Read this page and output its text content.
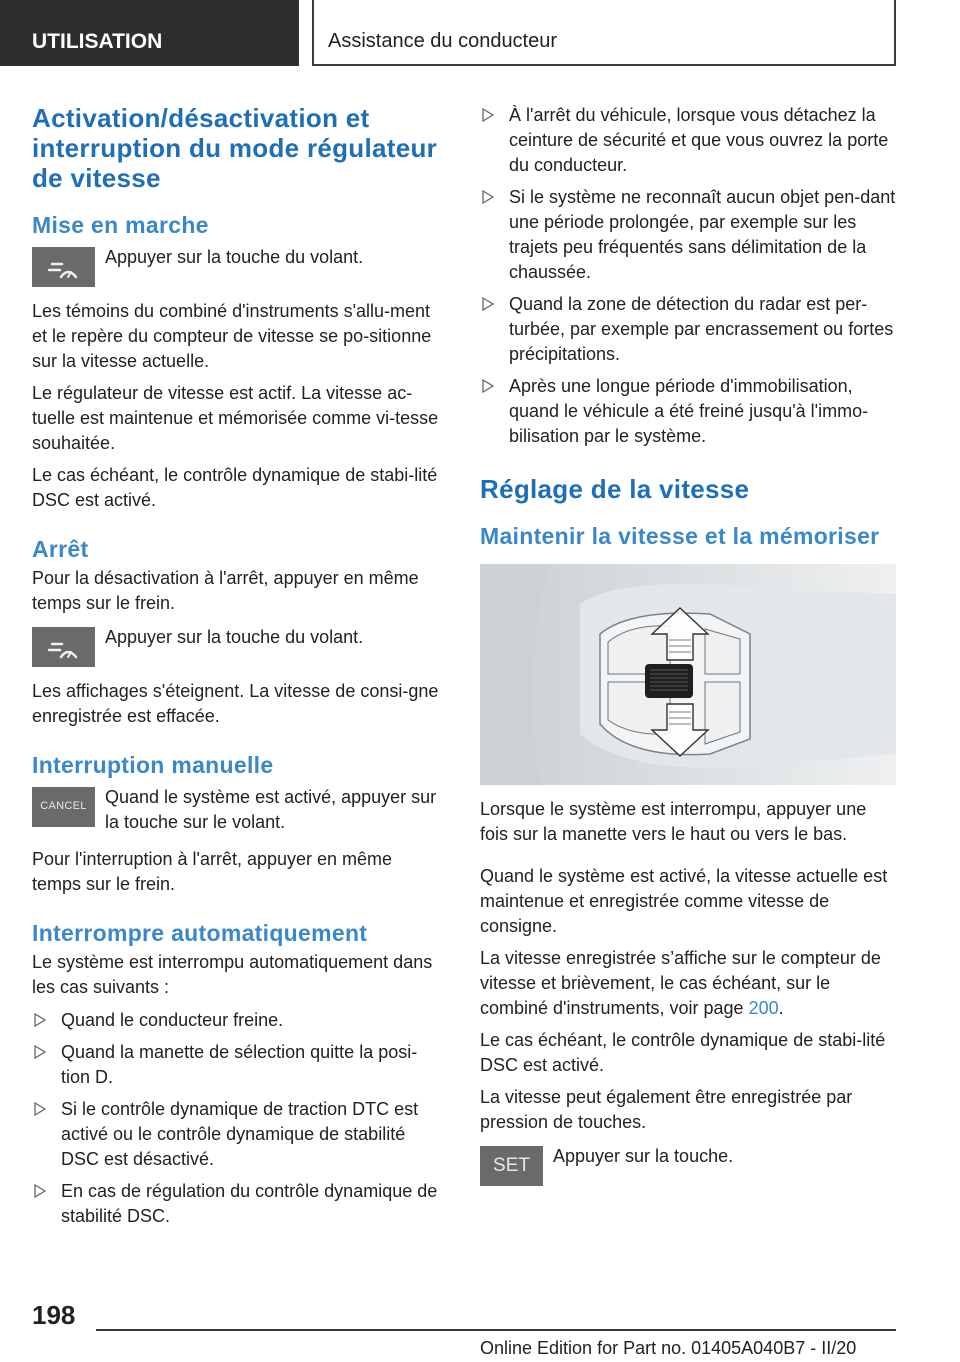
UTILISATION	Assistance du conducteur
Activation/désactivation et interruption du mode régulateur de vitesse
Mise en marche

Appuyer sur la touche du volant.

Les témoins du combiné d'instruments s'allu-ment et le repère du compteur de vitesse se po-sitionne sur la vitesse actuelle.

Le régulateur de vitesse est actif. La vitesse ac-tuelle est maintenue et mémorisée comme vi-tesse souhaitée.

Le cas échéant, le contrôle dynamique de stabi-lité DSC est activé.

Arrêt

Pour la désactivation à l'arrêt, appuyer en même temps sur le frein.

Appuyer sur la touche du volant.

Les affichages s'éteignent. La vitesse de consi-gne enregistrée est effacée.

Interruption manuelle
CANCEL	Quand le système est activé, appuyer sur la touche sur le volant.

Pour l'interruption à l'arrêt, appuyer en même temps sur le frein.

Interrompre automatiquement

Le système est interrompu automatiquement dans les cas suivants :

Quand le conducteur freine.
Quand la manette de sélection quitte la posi-tion D.
Si le contrôle dynamique de traction DTC est activé ou le contrôle dynamique de stabilité DSC est désactivé.
En cas de régulation du contrôle dynamique de stabilité DSC.
À l'arrêt du véhicule, lorsque vous détachez la ceinture de sécurité et que vous ouvrez la porte du conducteur.
Si le système ne reconnaît aucun objet pen-dant une période prolongée, par exemple sur les trajets peu fréquentés sans délimitation de la chaussée.
Quand la zone de détection du radar est per-turbée, par exemple par encrassement ou fortes précipitations.
Après une longue période d'immobilisation, quand le véhicule a été freiné jusqu'à l'immo-bilisation par le système.
Réglage de la vitesse
Maintenir la vitesse et la mémoriser

Lorsque le système est interrompu, appuyer une fois sur la manette vers le haut ou vers le bas.

Quand le système est activé, la vitesse actuelle est maintenue et enregistrée comme vitesse de consigne.

La vitesse enregistrée s’affiche sur le compteur de vitesse et brièvement, le cas échéant, sur le combiné d'instruments, voir page 200.

Le cas échéant, le contrôle dynamique de stabi-lité DSC est activé.

La vitesse peut également être enregistrée par pression de touches.

SET	Appuyer sur la touche.

198
Online Edition for Part no. 01405A040B7 - II/20
